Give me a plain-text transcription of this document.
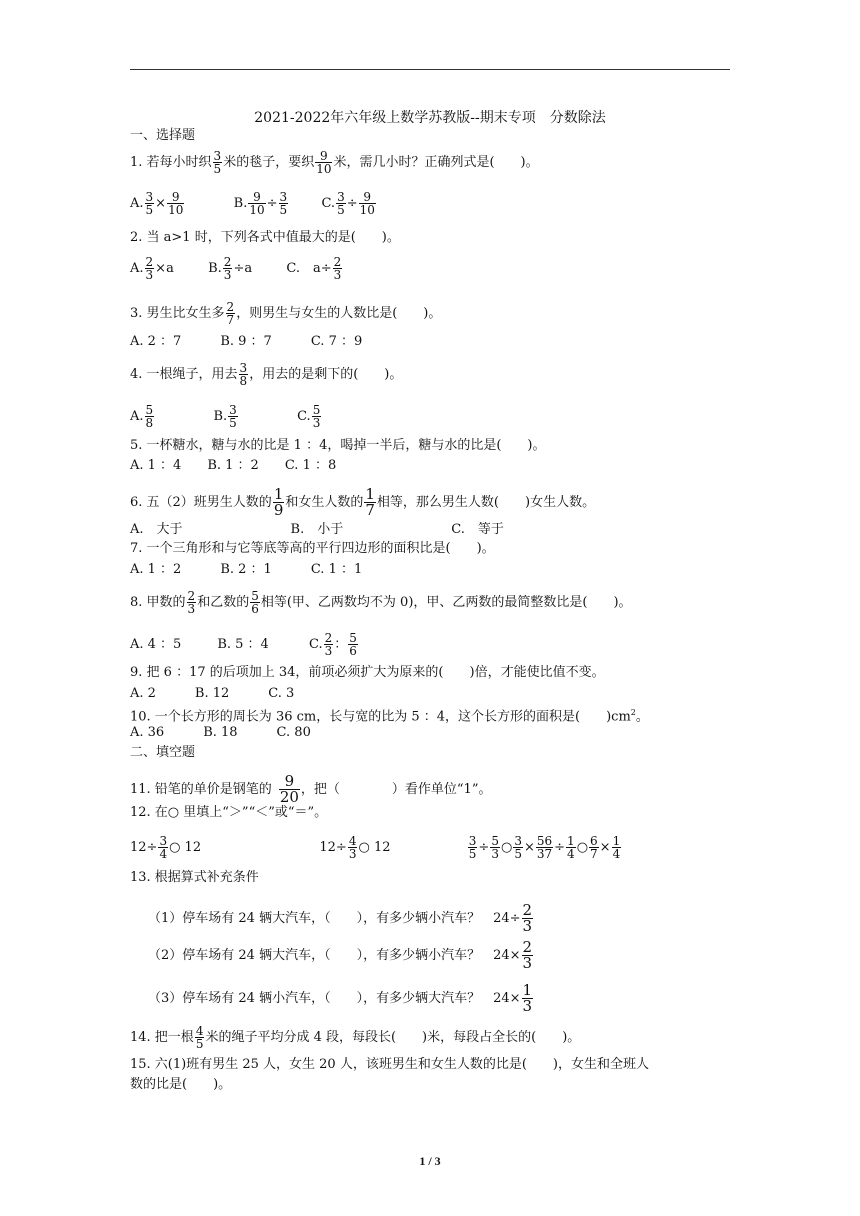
2021-2022年六年级上数学苏教版--期末专项　分数除法
一、选择题
1. 若每小时织 $\frac{3}{5}$ 米的毯子，要织 $\frac{9}{10}$ 米，需几小时？正确列式是(　　)。
A. $\frac{3}{5} \times \frac{9}{10}$	B. $\frac{9}{10} \div \frac{3}{5}$	C. $\frac{3}{5} \div \frac{9}{10}$
2. 当 a>1 时，下列各式中值最大的是(　　)。
A. $\frac{2}{3} \times a$	B. $\frac{2}{3} \div a$	C.　$a\div \frac{2}{3}$
3. 男生比女生多 $\frac{2}{7}$ ，则男生与女生的人数比是(　　)。
A. 2 ：7　　　B. 9 ：7　　　C. 7 ：9
4. 一根绳子，用去 $\frac{3}{8}$ ，用去的是剩下的(　　)。
A. $\frac{5}{8}$	B. $\frac{3}{5}$	C. $\frac{5}{3}$
5. 一杯糖水，糖与水的比是 1 ：4，喝掉一半后，糖与水的比是(　　)。
A. 1 ：4　　B. 1 ：2　　C. 1 ：8
6. 五（2）班男生人数的 $\frac{1}{9}$ 和女生人数的 $\frac{1}{7}$ 相等，那么男生人数(　　)女生人数。
A.　大于	B.　小于	C.　等于
7. 一个三角形和与它等底等高的平行四边形的面积比是(　　)。
A. 1 ：2　　　B. 2 ：1　　　C. 1 ：1
8. 甲数的 $\frac{2}{3}$ 和乙数的 $\frac{5}{6}$ 相等(甲、乙两数均不为 0)，甲、乙两数的最简整数比是(　　)。
A. 4 ：5	B. 5 ：4	C. $\frac{2}{3}$ ： $\frac{5}{6}$
9. 把 6 ：17 的后项加上 34，前项必须扩大为原来的(　　)倍，才能使比值不变。
A. 2　　　B. 12　　　C. 3
10. 一个长方形的周长为 36 cm，长与宽的比为 5 ：4，这个长方形的面积是(　　)$cm^2$。
A. 36　　　B. 18　　　C. 80
二、填空题
11. 铅笔的单价是钢笔的 $\frac{9}{20}$ ，把（　　　　）看作单位“1”。
12. 在○ 里填上“＞”“＜”或“＝”。
$12\div \frac{3}{4}$ ○ 12	$12\div \frac{4}{3}$ ○ 12	$\frac{3}{5} \div \frac{5}{3}$ ○ $\frac{3}{5} \times \frac{56}{37} \div \frac{1}{4}$ ○ $\frac{6}{7} \times \frac{1}{4}$
13. 根据算式补充条件
（1）停车场有 24 辆大汽车，（　　），有多少辆小汽车？　$24\div \frac{2}{3}$
（2）停车场有 24 辆大汽车，（　　），有多少辆小汽车？　$24\times \frac{2}{3}$
（3）停车场有 24 辆小汽车，（　　），有多少辆大汽车？　$24\times \frac{1}{3}$
14. 把一根 $\frac{4}{5}$ 米的绳子平均分成 4 段，每段长(　　)米，每段占全长的(　　)。
15. 六(1)班有男生 25 人，女生 20 人，该班男生和女生人数的比是(　　)，女生和全班人
数的比是(　　)。
1 / 3
